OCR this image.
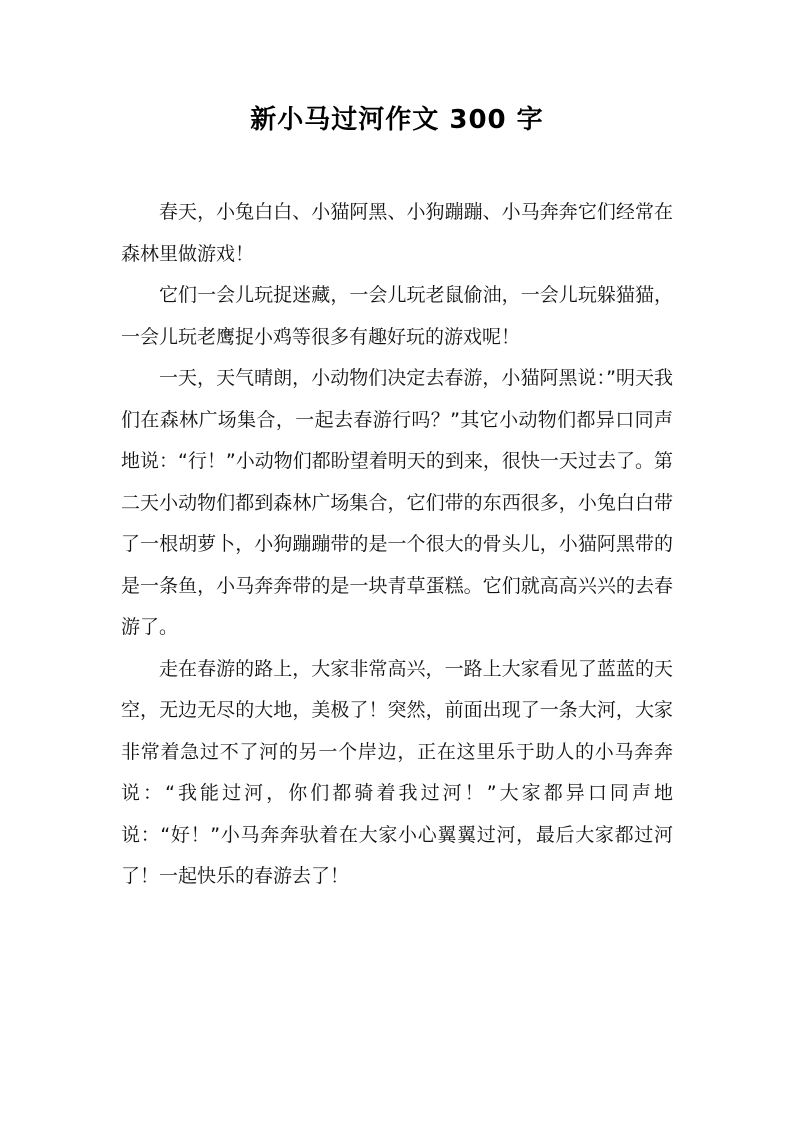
新小马过河作文 300 字

春天，小兔白白、小猫阿黑、小狗蹦蹦、小马奔奔它们经常在森林里做游戏！

它们一会儿玩捉迷藏，一会儿玩老鼠偷油，一会儿玩躲猫猫，一会儿玩老鹰捉小鸡等很多有趣好玩的游戏呢！

一天，天气晴朗，小动物们决定去春游，小猫阿黑说：”明天我们在森林广场集合，一起去春游行吗？”其它小动物们都异口同声地说：“行！”小动物们都盼望着明天的到来，很快一天过去了。第二天小动物们都到森林广场集合，它们带的东西很多，小兔白白带了一根胡萝卜，小狗蹦蹦带的是一个很大的骨头儿，小猫阿黑带的是一条鱼，小马奔奔带的是一块青草蛋糕。它们就高高兴兴的去春游了。

走在春游的路上，大家非常高兴，一路上大家看见了蓝蓝的天空，无边无尽的大地，美极了！突然，前面出现了一条大河，大家非常着急过不了河的另一个岸边，正在这里乐于助人的小马奔奔说：“我能过河，你们都骑着我过河！”大家都异口同声地说：“好！”小马奔奔驮着在大家小心翼翼过河，最后大家都过河了！一起快乐的春游去了！
